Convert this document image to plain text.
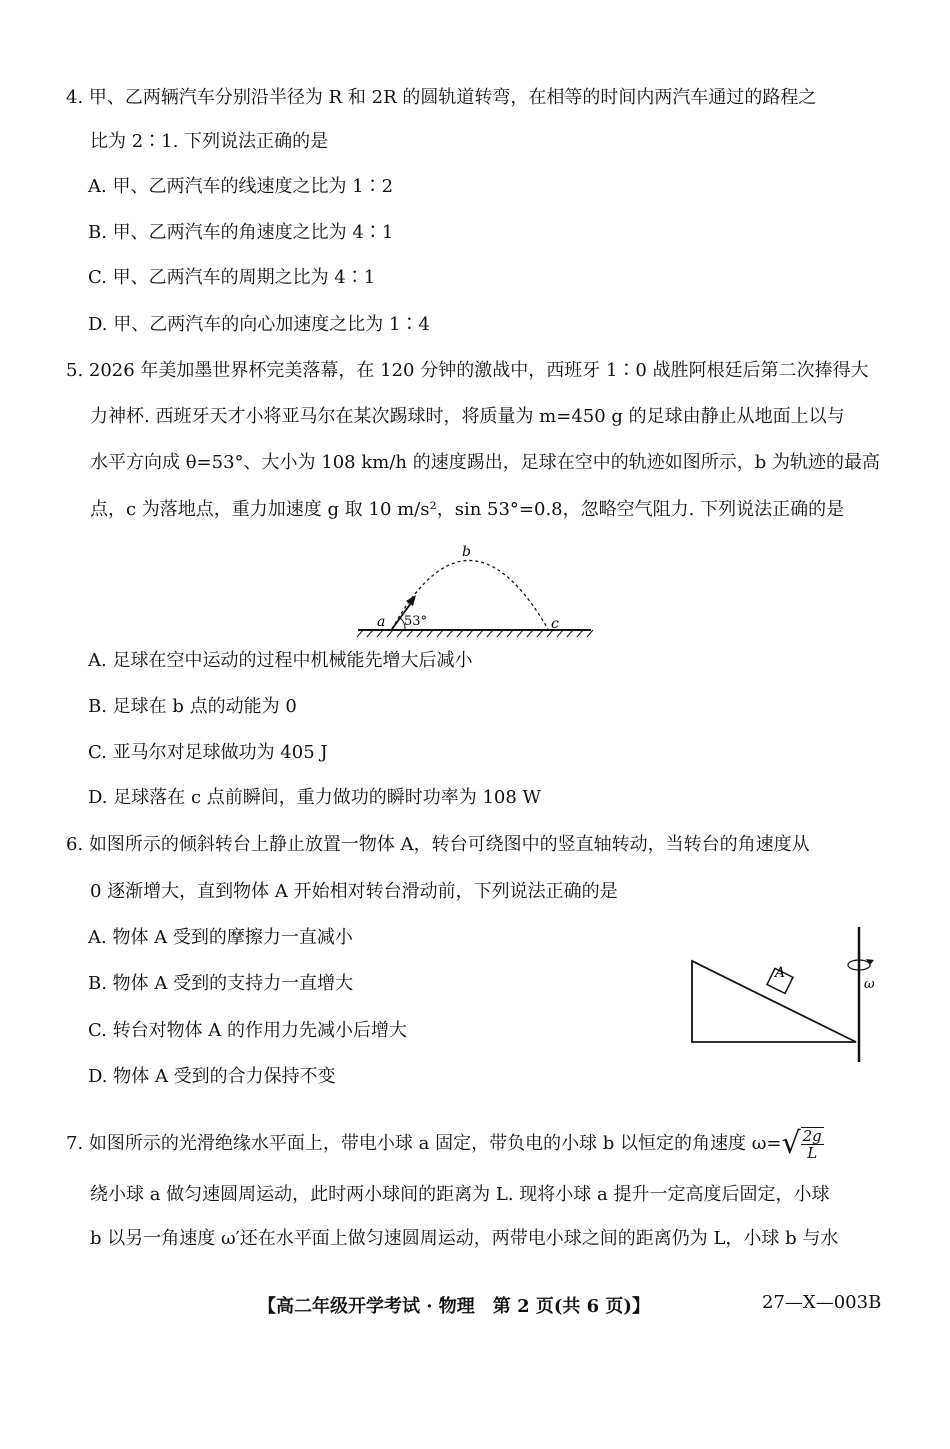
4. 甲、乙两辆汽车分别沿半径为 R 和 2R 的圆轨道转弯，在相等的时间内两汽车通过的路程之
比为 2∶1. 下列说法正确的是
A. 甲、乙两汽车的线速度之比为 1∶2
B. 甲、乙两汽车的角速度之比为 4∶1
C. 甲、乙两汽车的周期之比为 4∶1
D. 甲、乙两汽车的向心加速度之比为 1∶4
5. 2026 年美加墨世界杯完美落幕，在 120 分钟的激战中，西班牙 1∶0 战胜阿根廷后第二次捧得大
力神杯. 西班牙天才小将亚马尔在某次踢球时，将质量为 m=450 g 的足球由静止从地面上以与
水平方向成 θ=53°、大小为 108 km/h 的速度踢出，足球在空中的轨迹如图所示，b 为轨迹的最高
点，c 为落地点，重力加速度 g 取 10 m/s²，sin 53°=0.8，忽略空气阻力. 下列说法正确的是
a 53°
b
c
A. 足球在空中运动的过程中机械能先增大后减小
B. 足球在 b 点的动能为 0
C. 亚马尔对足球做功为 405 J
D. 足球落在 c 点前瞬间，重力做功的瞬时功率为 108 W
6. 如图所示的倾斜转台上静止放置一物体 A，转台可绕图中的竖直轴转动，当转台的角速度从
0 逐渐增大，直到物体 A 开始相对转台滑动前，下列说法正确的是
A. 物体 A 受到的摩擦力一直减小
B. 物体 A 受到的支持力一直增大
C. 转台对物体 A 的作用力先减小后增大
D. 物体 A 受到的合力保持不变
A
ω
7. 如图所示的光滑绝缘水平面上，带电小球 a 固定，带负电的小球 b 以恒定的角速度 $\omega=√ \frac{2g}{L}$
绕小球 a 做匀速圆周运动，此时两小球间的距离为 L. 现将小球 a 提升一定高度后固定，小球
b 以另一角速度 ω′还在水平面上做匀速圆周运动，两带电小球之间的距离仍为 L，小球 b 与水
【高二年级开学考试 · 物理　第 2 页(共 6 页)】	27—X—003B
